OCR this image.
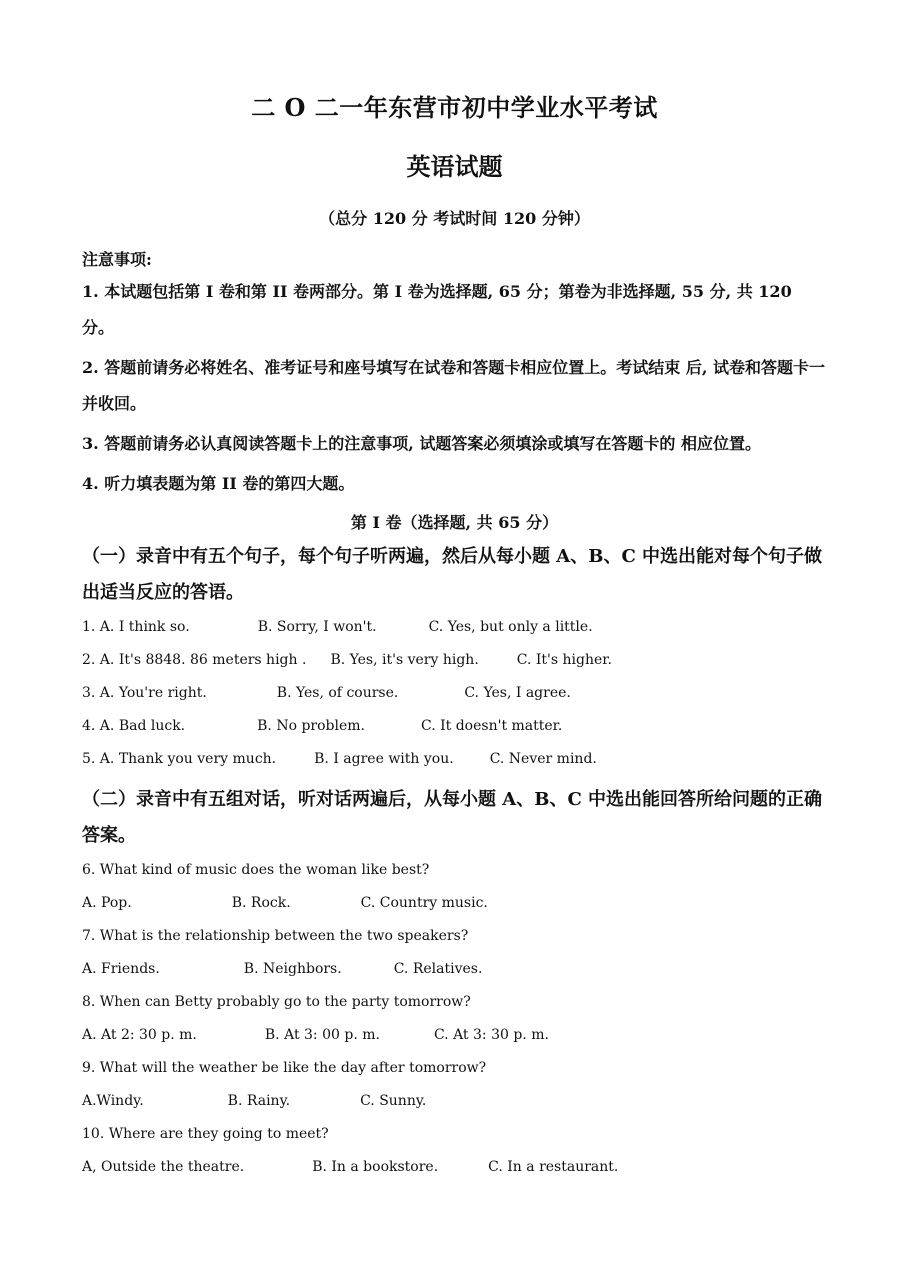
二 O 二一年东营市初中学业水平考试
英语试题
（总分 120 分 考试时间 120 分钟）
注意事项:
1. 本试题包括第 I 卷和第 II 卷两部分。第 I 卷为选择题, 65 分；第卷为非选择题, 55 分, 共 120 分。
2. 答题前请务必将姓名、准考证号和座号填写在试卷和答题卡相应位置上。考试结束 后, 试卷和答题卡一并收回。
3. 答题前请务必认真阅读答题卡上的注意事项, 试题答案必须填涂或填写在答题卡的 相应位置。
4. 听力填表题为第 II 卷的第四大题。
第 I 卷（选择题, 共 65 分）
（一）录音中有五个句子，每个句子听两遍，然后从每小题 A、B、C 中选出能对每个句子做出适当反应的答语。
1. A. I think so.	B. Sorry, I won't.	C. Yes, but only a little.
2. A. It's 8848. 86 meters high . B. Yes, it's very high.	C. It's higher.
3. A. You're right.	B. Yes, of course.	C. Yes, I agree.
4. A. Bad luck.	B. No problem.	C. It doesn't matter.
5. A. Thank you very much.	B. I agree with you.	C. Never mind.
（二）录音中有五组对话，听对话两遍后，从每小题 A、B、C 中选出能回答所给问题的正确答案。
6. What kind of music does the woman like best?
A. Pop.	B. Rock.	C. Country music.
7. What is the relationship between the two speakers?
A. Friends.	B. Neighbors.	C. Relatives.
8. When can Betty probably go to the party tomorrow?
A. At 2: 30 p. m.	B. At 3: 00 p. m.	C. At 3: 30 p. m.
9. What will the weather be like the day after tomorrow?
A.Windy.	B. Rainy.	C. Sunny.
10. Where are they going to meet?
A, Outside the theatre.	B. In a bookstore.	C. In a restaurant.
